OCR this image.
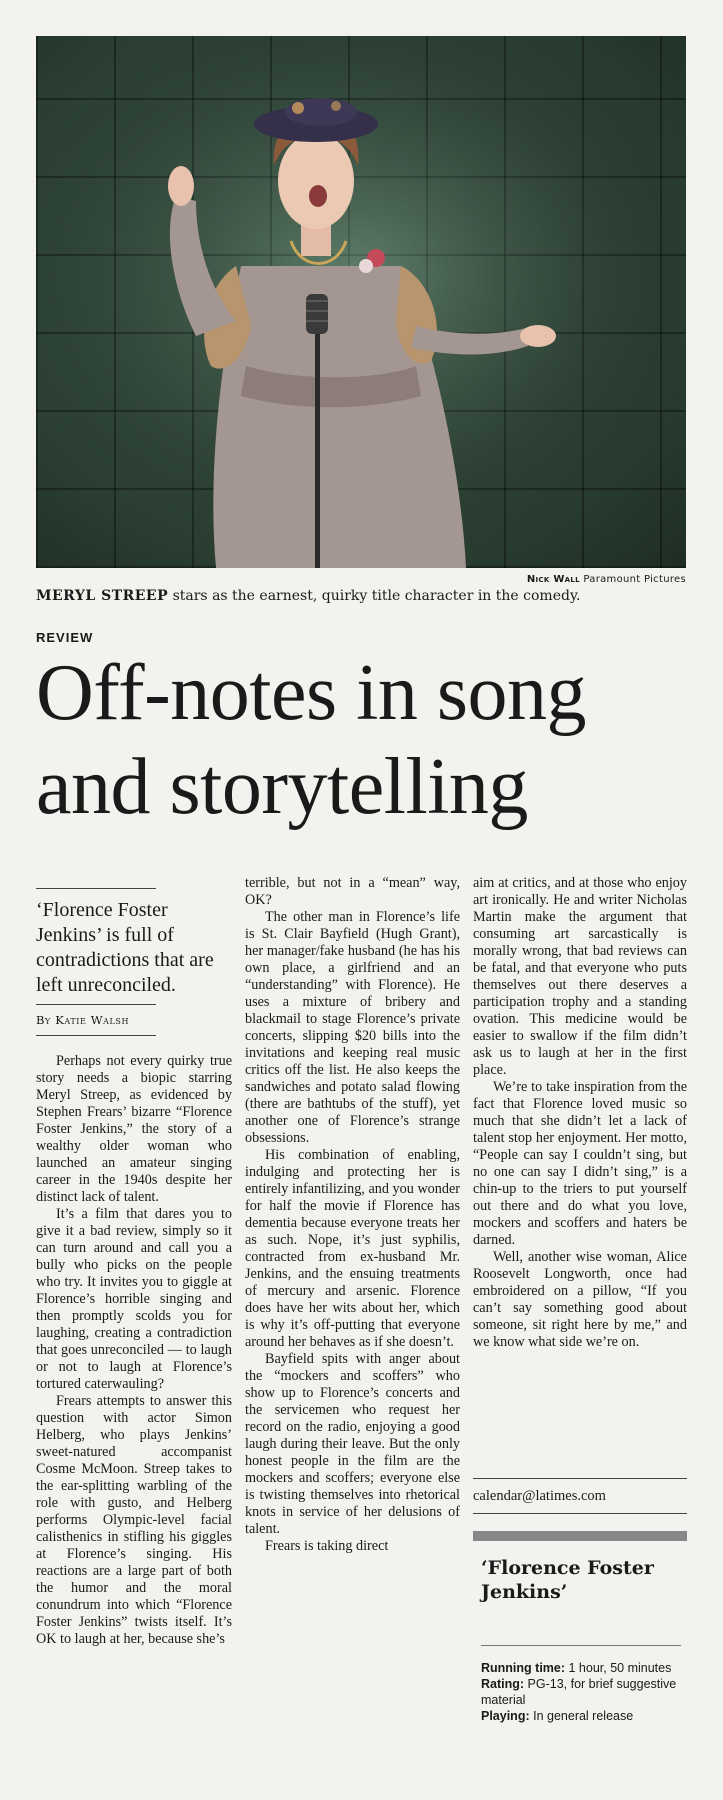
Nick Wall Paramount Pictures
MERYL STREEP stars as the earnest, quirky title character in the comedy.
REVIEW
Off-notes in song
and storytelling
‘Florence Foster Jenkins’ is full of contradictions that are left unreconciled.
By Katie Walsh

Perhaps not every quirky true story needs a biopic starring Meryl Streep, as evidenced by Stephen Frears’ bizarre “Florence Foster Jenkins,” the story of a wealthy older woman who launched an amateur singing career in the 1940s despite her distinct lack of talent.

It’s a film that dares you to give it a bad review, simply so it can turn around and call you a bully who picks on the people who try. It invites you to giggle at Florence’s horrible singing and then promptly scolds you for laughing, creating a contradiction that goes unreconciled — to laugh or not to laugh at Florence’s tortured caterwauling?

Frears attempts to answer this question with actor Simon Helberg, who plays Jenkins’ sweet-natured accompanist Cosme McMoon. Streep takes to the ear-splitting warbling of the role with gusto, and Helberg performs Olympic-level facial calisthenics in stifling his giggles at Florence’s singing. His reactions are a large part of both the humor and the moral conundrum into which “Florence Foster Jenkins” twists itself. It’s OK to laugh at her, because she’s

terrible, but not in a “mean” way, OK?

The other man in Florence’s life is St. Clair Bayfield (Hugh Grant), her manager/fake husband (he has his own place, a girlfriend and an “understanding” with Florence). He uses a mixture of bribery and blackmail to stage Florence’s private concerts, slipping $20 bills into the invitations and keeping real music critics off the list. He also keeps the sandwiches and potato salad flowing (there are bathtubs of the stuff), yet another one of Florence’s strange obsessions.

His combination of enabling, indulging and protecting her is entirely infantilizing, and you wonder for half the movie if Florence has dementia because everyone treats her as such. Nope, it’s just syphilis, contracted from ex-husband Mr. Jenkins, and the ensuing treatments of mercury and arsenic. Florence does have her wits about her, which is why it’s off-putting that everyone around her behaves as if she doesn’t.

Bayfield spits with anger about the “mockers and scoffers” who show up to Florence’s concerts and the servicemen who request her record on the radio, enjoying a good laugh during their leave. But the only honest people in the film are the mockers and scoffers; everyone else is twisting themselves into rhetorical knots in service of her delusions of talent.

Frears is taking direct

aim at critics, and at those who enjoy art ironically. He and writer Nicholas Martin make the argument that consuming art sarcastically is morally wrong, that bad reviews can be fatal, and that everyone who puts themselves out there deserves a participation trophy and a standing ovation. This medicine would be easier to swallow if the film didn’t ask us to laugh at her in the first place.

We’re to take inspiration from the fact that Florence loved music so much that she didn’t let a lack of talent stop her enjoyment. Her motto, “People can say I couldn’t sing, but no one can say I didn’t sing,” is a chin-up to the triers to put yourself out there and do what you love, mockers and scoffers and haters be darned.

Well, another wise woman, Alice Roosevelt Longworth, once had embroidered on a pillow, “If you can’t say something good about someone, sit right here by me,” and we know what side we’re on.

calendar@latimes.com
‘Florence Foster Jenkins’
Running time: 1 hour, 50 minutes
Rating: PG-13, for brief suggestive material
Playing: In general release
